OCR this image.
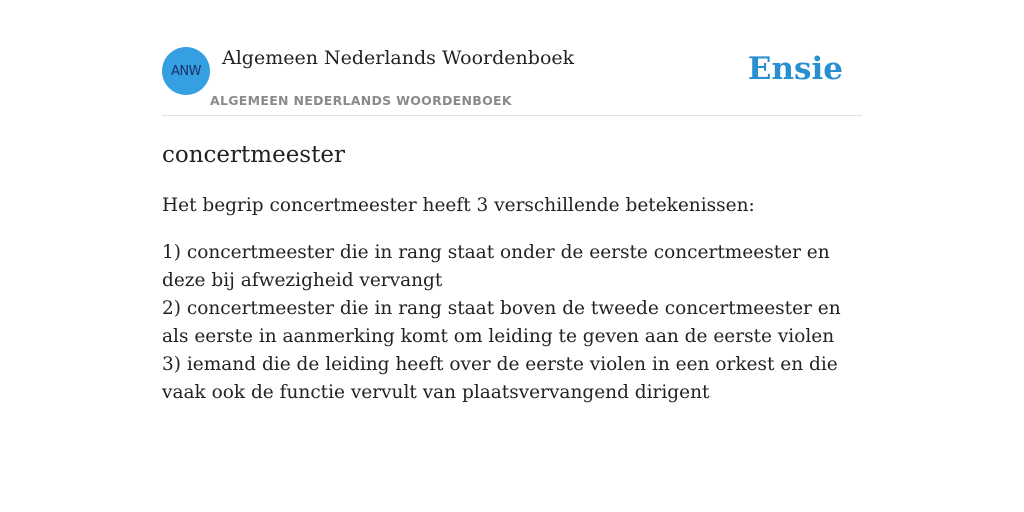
ANW
Algemeen Nederlands Woordenboek
ALGEMEEN NEDERLANDS WOORDENBOEK
Ensie
concertmeester

Het begrip concertmeester heeft 3 verschillende betekenissen:

1) concertmeester die in rang staat onder de eerste concertmeester en deze bij afwezigheid vervangt
2) concertmeester die in rang staat boven de tweede concertmeester en als eerste in aanmerking komt om leiding te geven aan de eerste violen
3) iemand die de leiding heeft over de eerste violen in een orkest en die vaak ook de functie vervult van plaatsvervangend dirigent
